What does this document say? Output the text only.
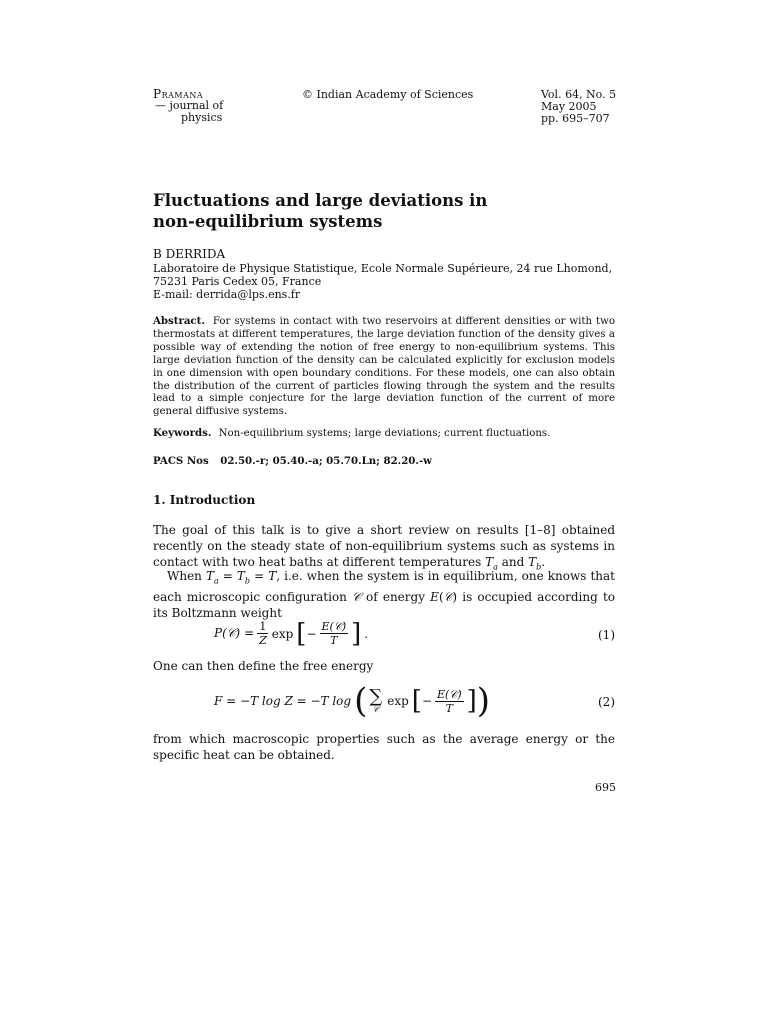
Pramana
— journal of
physics
© Indian Academy of Sciences	Vol. 64, No. 5
May 2005
pp. 695–707
Fluctuations and large deviations in
non-equilibrium systems
B DERRIDA
Laboratoire de Physique Statistique, Ecole Normale Supérieure, 24 rue Lhomond,
75231 Paris Cedex 05, France
E-mail: derrida@lps.ens.fr
Abstract. For systems in contact with two reservoirs at different densities or with two thermostats at different temperatures, the large deviation function of the density gives a possible way of extending the notion of free energy to non-equilibrium systems. This large deviation function of the density can be calculated explicitly for exclusion models in one dimension with open boundary conditions. For these models, one can also obtain the distribution of the current of particles flowing through the system and the results lead to a simple conjecture for the large deviation function of the current of more general diffusive systems.
Keywords. Non-equilibrium systems; large deviations; current fluctuations.
PACS Nos 02.50.-r; 05.40.-a; 05.70.Ln; 82.20.-w
1. Introduction
The goal of this talk is to give a short review on results [1–8] obtained recently on the steady state of non-equilibrium systems such as systems in contact with two heat baths at different temperatures $T_a$ and $T_b$.
When $T_a = T_b = T$, i.e. when the system is in equilibrium, one knows that each microscopic configuration 𝒞 of energy E(𝒞) is occupied according to its Boltzmann weight
P(𝒞) = $\frac{1}{Z}$ exp [ − $\frac{\text{E(𝒞)}}{T}$ ] .	(1)
One can then define the free energy
F = −T log Z = −T log ( ∑
𝒞
exp [ − $\frac{\text{E(𝒞)}}{T}$ ] )	(2)
from which macroscopic properties such as the average energy or the specific heat can be obtained.
695
